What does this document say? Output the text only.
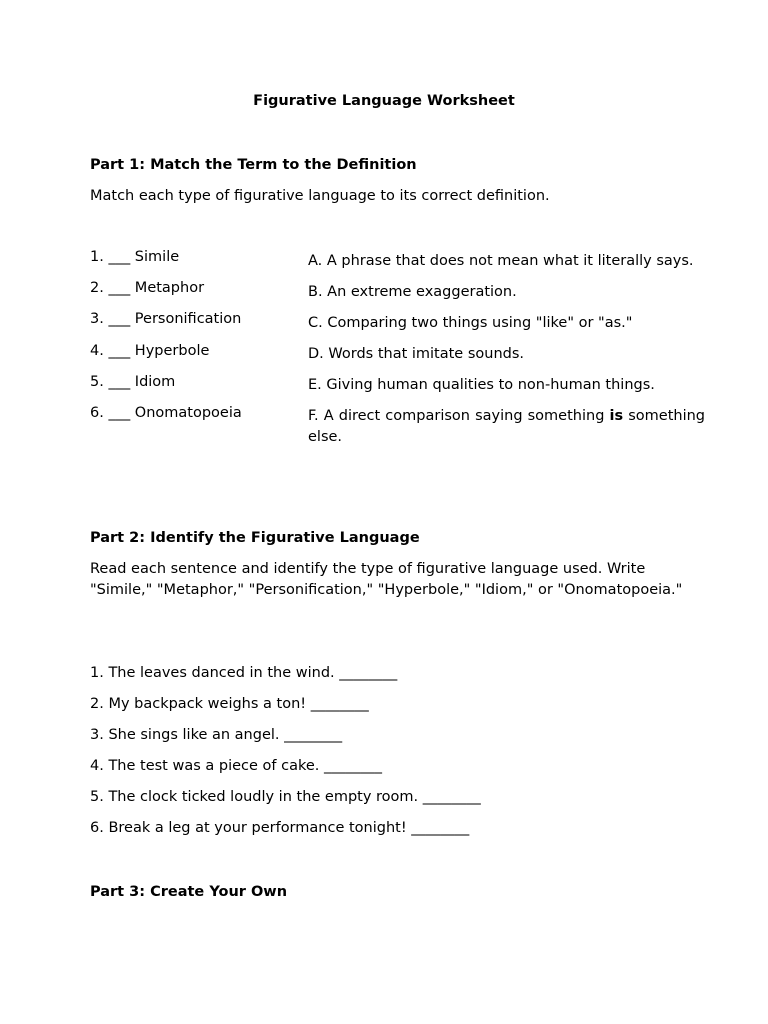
Figurative Language Worksheet
Part 1: Match the Term to the Definition
Match each type of figurative language to its correct definition.
1. ___ Simile
2. ___ Metaphor
3. ___ Personification
4. ___ Hyperbole
5. ___ Idiom
6. ___ Onomatopoeia
A. A phrase that does not mean what it literally says.
B. An extreme exaggeration.
C. Comparing two things using "like" or "as."
D. Words that imitate sounds.
E. Giving human qualities to non-human things.
F. A direct comparison saying something is something else.
Part 2: Identify the Figurative Language
Read each sentence and identify the type of figurative language used. Write "Simile," "Metaphor," "Personification," "Hyperbole," "Idiom," or "Onomatopoeia."
1. The leaves danced in the wind. ________
2. My backpack weighs a ton! ________
3. She sings like an angel. ________
4. The test was a piece of cake. ________
5. The clock ticked loudly in the empty room. ________
6. Break a leg at your performance tonight! ________
Part 3: Create Your Own
